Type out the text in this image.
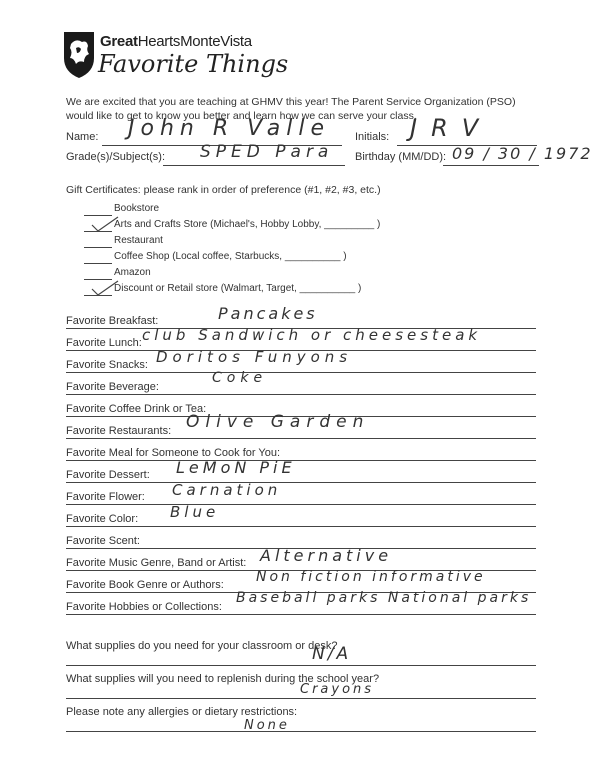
GreatHeartsMonteVista
Favorite Things
We are excited that you are teaching at GHMV this year! The Parent Service Organization (PSO) would like to get to know you better and learn how we can serve your class.
Name: John R Valle Initials: JRV
Grade(s)/Subject(s): SPED Para Birthday (MM/DD): 09 / 30 / 1972
Gift Certificates: please rank in order of preference (#1, #2, #3, etc.)
Bookstore
Arts and Crafts Store (Michael's, Hobby Lobby, _________ )
Restaurant
Coffee Shop (Local coffee, Starbucks, __________ )
Amazon
Discount or Retail store (Walmart, Target, __________ )
Favorite Breakfast:	Pancakes
Favorite Lunch: club Sandwich or cheesesteak
Favorite Snacks: Doritos Funyons
Favorite Beverage:
Coke
Favorite Coffee Drink or Tea:
Favorite Restaurants: Olive Garden
Favorite Meal for Someone to Cook for You:
Favorite Dessert: LeMoN PiE
Favorite Flower: Carnation
Favorite Color: Blue
Favorite Scent:
Favorite Music Genre, Band or Artist: Alternative
Favorite Book Genre or Authors: Non fiction informative
Favorite Hobbies or Collections:
Baseball parks National parks
What supplies do you need for your classroom or desk?
N/A
What supplies will you need to replenish during the school year?
Crayons
Please note any allergies or dietary restrictions:
None
